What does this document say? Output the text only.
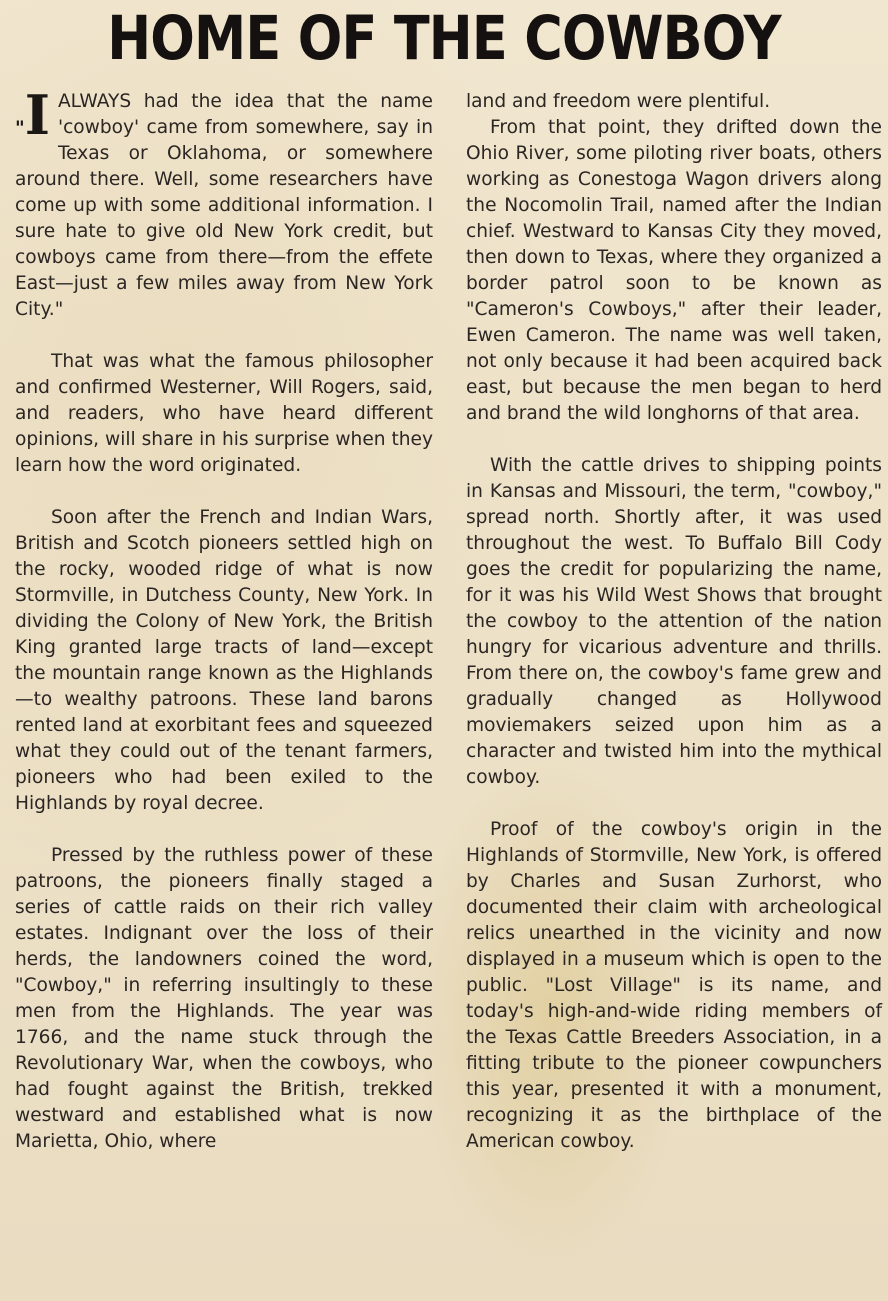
HOME OF THE COWBOY

"I ALWAYS had the idea that the name 'cowboy' came from somewhere, say in Texas or Oklahoma, or somewhere around there. Well, some researchers have come up with some additional information. I sure hate to give old New York credit, but cowboys came from there—from the effete East—just a few miles away from New York City."

That was what the famous philosopher and confirmed Westerner, Will Rogers, said, and readers, who have heard different opinions, will share in his surprise when they learn how the word originated.

Soon after the French and Indian Wars, British and Scotch pioneers settled high on the rocky, wooded ridge of what is now Stormville, in Dutchess County, New York. In dividing the Colony of New York, the British King granted large tracts of land—except the mountain range known as the Highlands—to wealthy patroons. These land barons rented land at exorbitant fees and squeezed what they could out of the tenant farmers, pioneers who had been exiled to the Highlands by royal decree.

Pressed by the ruthless power of these patroons, the pioneers finally staged a series of cattle raids on their rich valley estates. Indignant over the loss of their herds, the landowners coined the word, "Cowboy," in referring insultingly to these men from the Highlands. The year was 1766, and the name stuck through the Revolutionary War, when the cowboys, who had fought against the British, trekked westward and established what is now Marietta, Ohio, where

land and freedom were plentiful.

From that point, they drifted down the Ohio River, some piloting river boats, others working as Conestoga Wagon drivers along the Nocomolin Trail, named after the Indian chief. Westward to Kansas City they moved, then down to Texas, where they organized a border patrol soon to be known as "Cameron's Cowboys," after their leader, Ewen Cameron. The name was well taken, not only because it had been acquired back east, but because the men began to herd and brand the wild longhorns of that area.

With the cattle drives to shipping points in Kansas and Missouri, the term, "cowboy," spread north. Shortly after, it was used throughout the west. To Buffalo Bill Cody goes the credit for popularizing the name, for it was his Wild West Shows that brought the cowboy to the attention of the nation hungry for vicarious adventure and thrills. From there on, the cowboy's fame grew and gradually changed as Hollywood moviemakers seized upon him as a character and twisted him into the mythical cowboy.

Proof of the cowboy's origin in the Highlands of Stormville, New York, is offered by Charles and Susan Zurhorst, who documented their claim with archeological relics unearthed in the vicinity and now displayed in a museum which is open to the public. "Lost Village" is its name, and today's high-and-wide riding members of the Texas Cattle Breeders Association, in a fitting tribute to the pioneer cowpunchers this year, presented it with a monument, recognizing it as the birthplace of the American cowboy.
